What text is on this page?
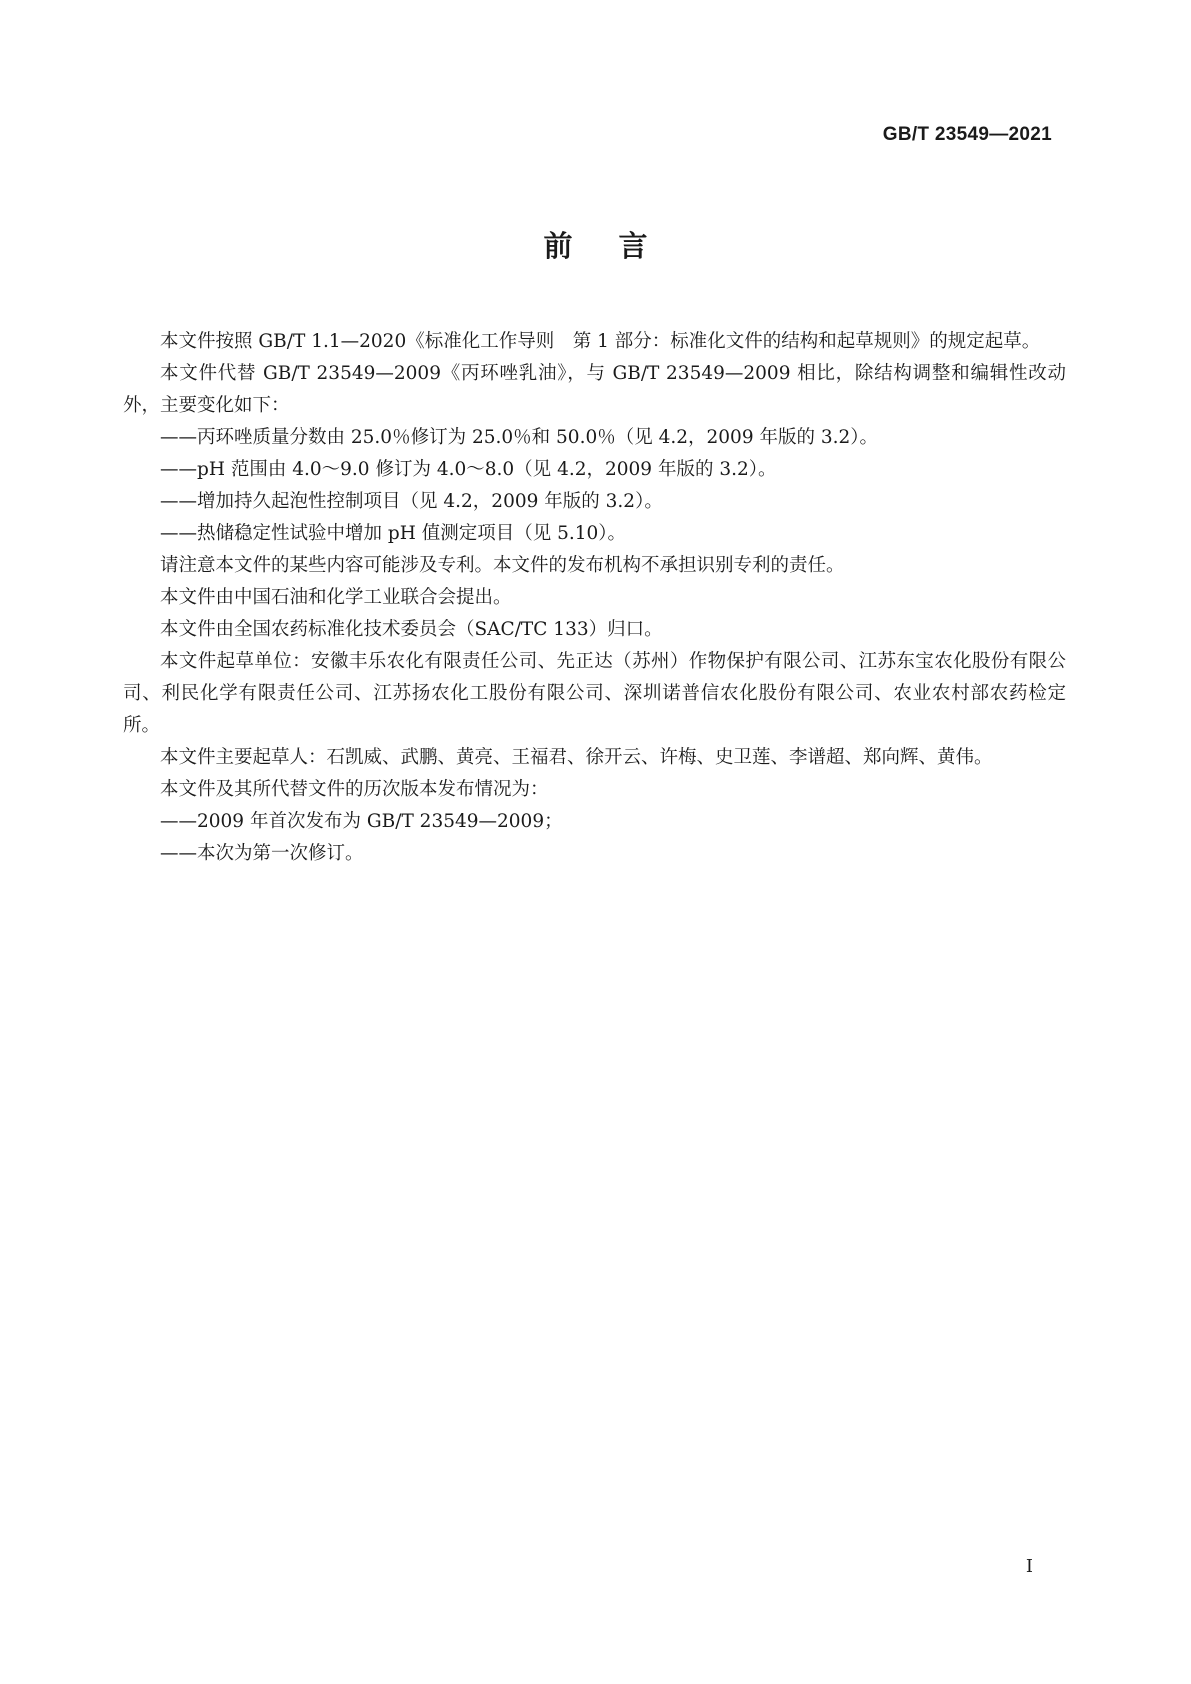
GB/T 23549—2021
前言

本文件按照 GB/T 1.1—2020《标准化工作导则　第 1 部分：标准化文件的结构和起草规则》的规定起草。

本文件代替 GB/T 23549—2009《丙环唑乳油》，与 GB/T 23549—2009 相比，除结构调整和编辑性改动外，主要变化如下：

——丙环唑质量分数由 25.0％修订为 25.0％和 50.0％（见 4.2，2009 年版的 3.2）。

——pH 范围由 4.0～9.0 修订为 4.0～8.0（见 4.2，2009 年版的 3.2）。

——增加持久起泡性控制项目（见 4.2，2009 年版的 3.2）。

——热储稳定性试验中增加 pH 值测定项目（见 5.10）。

请注意本文件的某些内容可能涉及专利。本文件的发布机构不承担识别专利的责任。

本文件由中国石油和化学工业联合会提出。

本文件由全国农药标准化技术委员会（SAC/TC 133）归口。

本文件起草单位：安徽丰乐农化有限责任公司、先正达（苏州）作物保护有限公司、江苏东宝农化股份有限公司、利民化学有限责任公司、江苏扬农化工股份有限公司、深圳诺普信农化股份有限公司、农业农村部农药检定所。

本文件主要起草人：石凯威、武鹏、黄亮、王福君、徐开云、许梅、史卫莲、李谱超、郑向辉、黄伟。

本文件及其所代替文件的历次版本发布情况为：

——2009 年首次发布为 GB/T 23549—2009；

——本次为第一次修订。

I
